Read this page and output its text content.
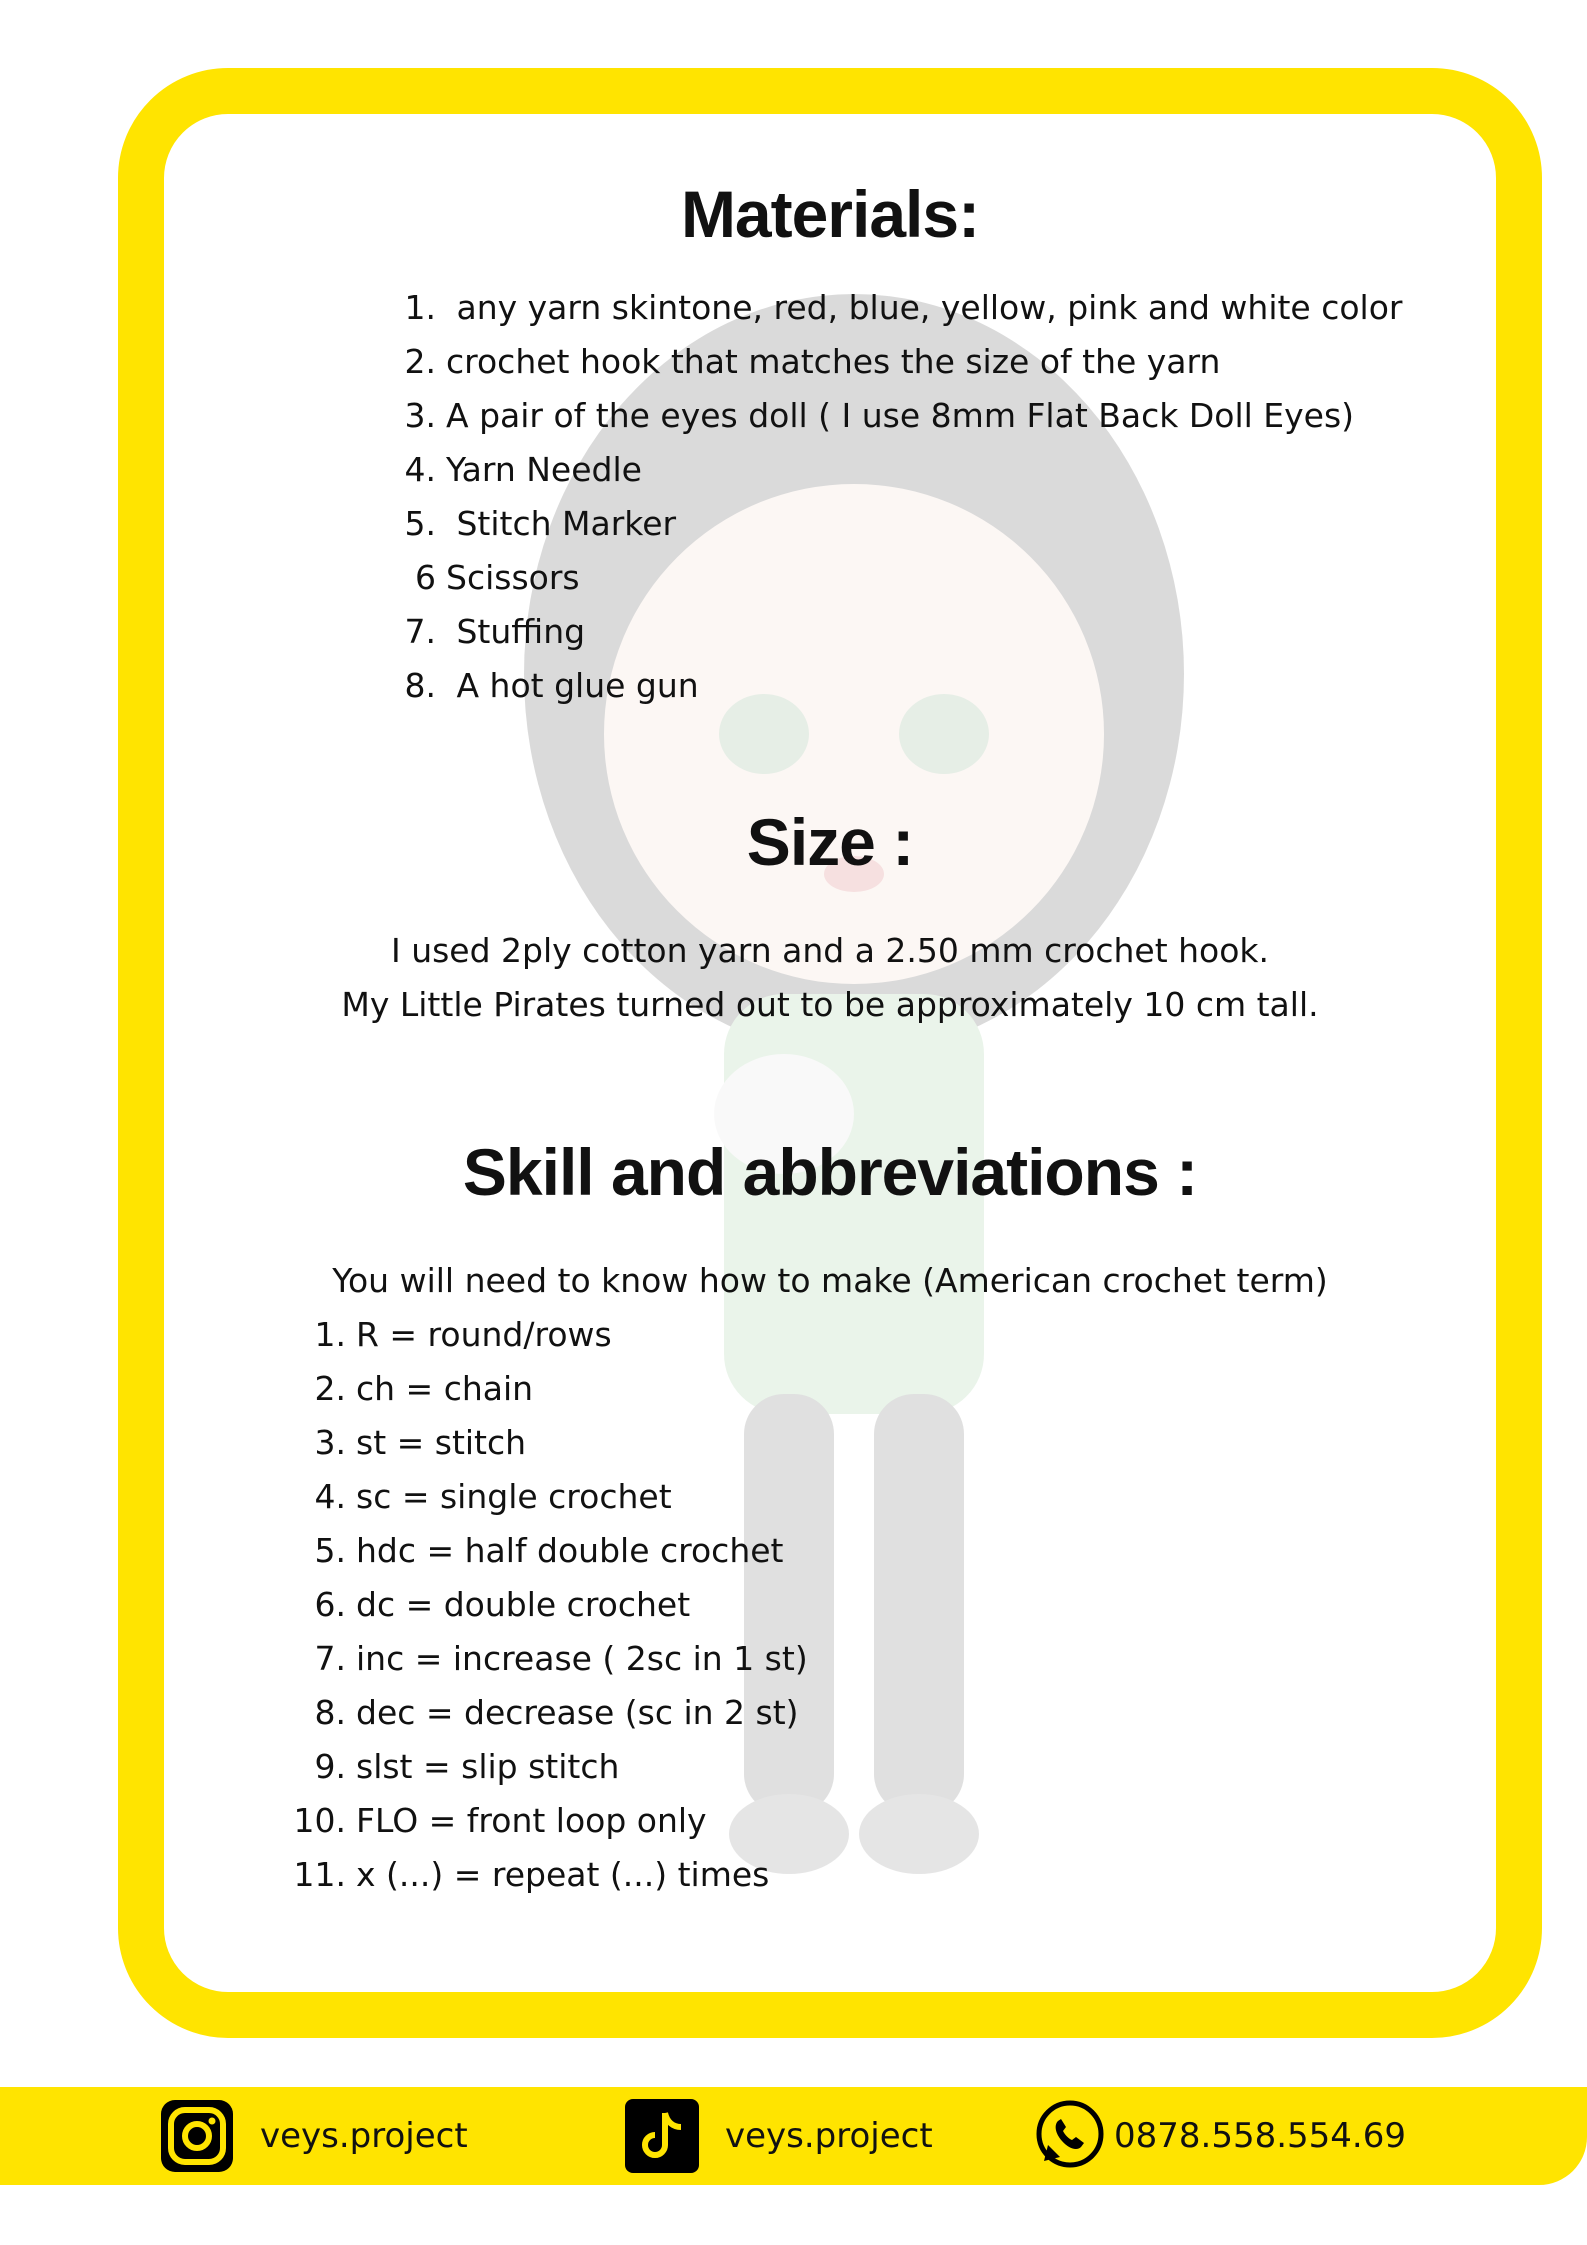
Materials:
1. any yarn skintone, red, blue, yellow, pink and white color
2. crochet hook that matches the size of the yarn
3. A pair of the eyes doll ( I use 8mm Flat Back Doll Eyes)
4. Yarn Needle
5. Stitch Marker
6 Scissors
7. Stuffing
8. A hot glue gun
Size :
I used 2ply cotton yarn and a 2.50 mm crochet hook.
My Little Pirates turned out to be approximately 10 cm tall.
Skill and abbreviations :

You will need to know how to make (American crochet term)

1. R = round/rows
2. ch = chain
3. st = stitch
4. sc = single crochet
5. hdc = half double crochet
6. dc = double crochet
7. inc = increase ( 2sc in 1 st)
8. dec = decrease (sc in 2 st)
9. slst = slip stitch
10. FLO = front loop only
11. x (...) = repeat (...) times
veys.project	veys.project	0878.558.554.69
